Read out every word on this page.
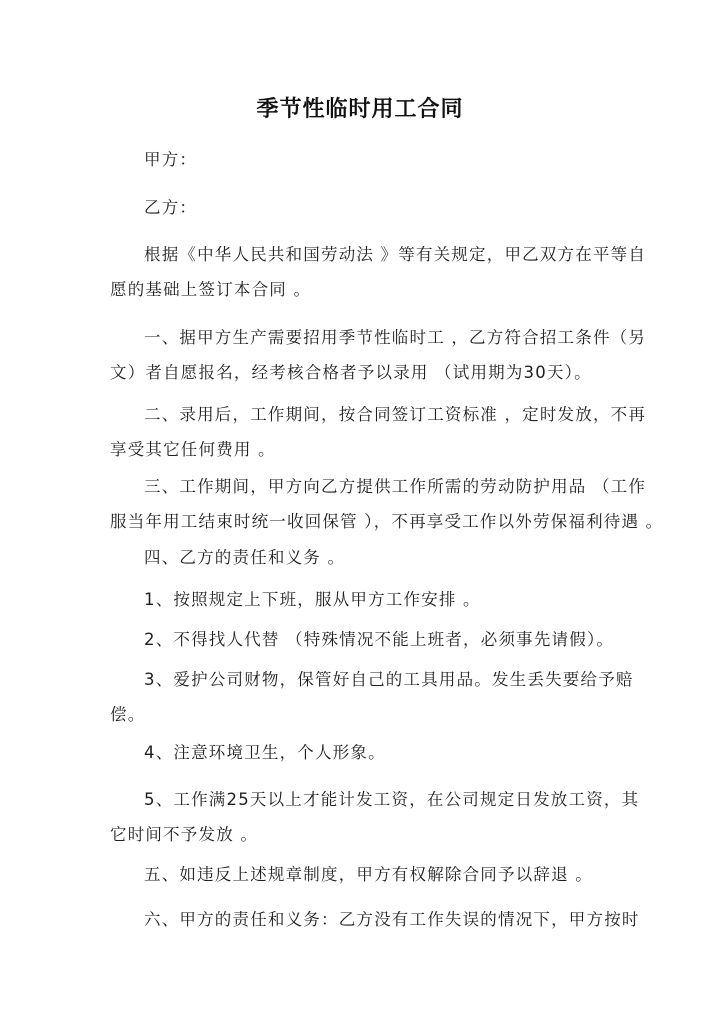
季节性临时用工合同
甲方：
乙方：
根据《中华人民共和国劳动法 》等有关规定，甲乙双方在平等自
愿的基础上签订本合同 。
一、据甲方生产需要招用季节性临时工 ，乙方符合招工条件（另
文）者自愿报名，经考核合格者予以录用 （试用期为30天）。
二、录用后，工作期间，按合同签订工资标准 ，定时发放，不再
享受其它任何费用 。
三、工作期间，甲方向乙方提供工作所需的劳动防护用品 （工作
服当年用工结束时统一收回保管 ），不再享受工作以外劳保福利待遇 。
四、乙方的责任和义务 。
1、按照规定上下班，服从甲方工作安排 。
2、不得找人代替 （特殊情况不能上班者，必须事先请假）。
3、爱护公司财物，保管好自己的工具用品。发生丢失要给予赔
偿。
4、注意环境卫生，个人形象。
5、工作满25天以上才能计发工资，在公司规定日发放工资，其
它时间不予发放 。
五、如违反上述规章制度，甲方有权解除合同予以辞退 。
六、甲方的责任和义务：乙方没有工作失误的情况下，甲方按时
